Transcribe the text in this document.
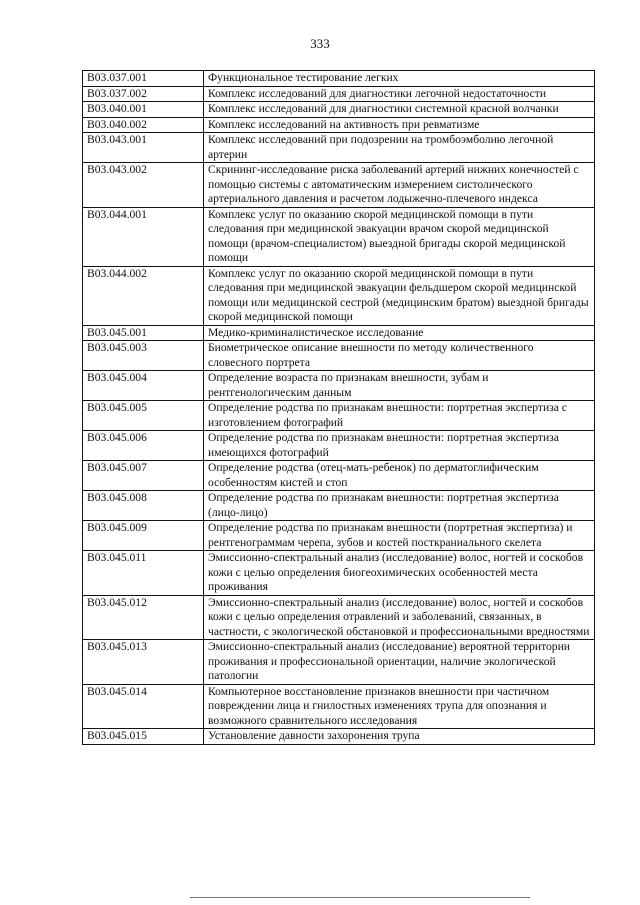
333
B03.037.001	Функциональное тестирование легких
B03.037.002	Комплекс исследований для диагностики легочной недостаточности
B03.040.001	Комплекс исследований для диагностики системной красной волчанки
B03.040.002	Комплекс исследований на активность при ревматизме
B03.043.001	Комплекс исследований при подозрении на тромбоэмболию легочной артерии
B03.043.002	Скрининг-исследование риска заболеваний артерий нижних конечностей с помощью системы с автоматическим измерением систолического артериального давления и расчетом лодыжечно-плечевого индекса
B03.044.001	Комплекс услуг по оказанию скорой медицинской помощи в пути следования при медицинской эвакуации врачом скорой медицинской помощи (врачом-специалистом) выездной бригады скорой медицинской помощи
B03.044.002	Комплекс услуг по оказанию скорой медицинской помощи в пути следования при медицинской эвакуации фельдшером скорой медицинской помощи или медицинской сестрой (медицинским братом) выездной бригады скорой медицинской помощи
B03.045.001	Медико-криминалистическое исследование
B03.045.003	Биометрическое описание внешности по методу количественного словесного портрета
B03.045.004	Определение возраста по признакам внешности, зубам и рентгенологическим данным
B03.045.005	Определение родства по признакам внешности: портретная экспертиза с изготовлением фотографий
B03.045.006	Определение родства по признакам внешности: портретная экспертиза имеющихся фотографий
B03.045.007	Определение родства (отец-мать-ребенок) по дерматоглифическим особенностям кистей и стоп
B03.045.008	Определение родства по признакам внешности: портретная экспертиза (лицо-лицо)
B03.045.009	Определение родства по признакам внешности (портретная экспертиза) и рентгенограммам черепа, зубов и костей посткраниального скелета
B03.045.011	Эмиссионно-спектральный анализ (исследование) волос, ногтей и соскобов кожи с целью определения биогеохимических особенностей места проживания
B03.045.012	Эмиссионно-спектральный анализ (исследование) волос, ногтей и соскобов кожи с целью определения отравлений и заболеваний, связанных, в частности, с экологической обстановкой и профессиональными вредностями
B03.045.013	Эмиссионно-спектральный анализ (исследование) вероятной территории проживания и профессиональной ориентации, наличие экологической патологии
B03.045.014	Компьютерное восстановление признаков внешности при частичном повреждении лица и гнилостных изменениях трупа для опознания и возможного сравнительного исследования
B03.045.015	Установление давности захоронения трупа
